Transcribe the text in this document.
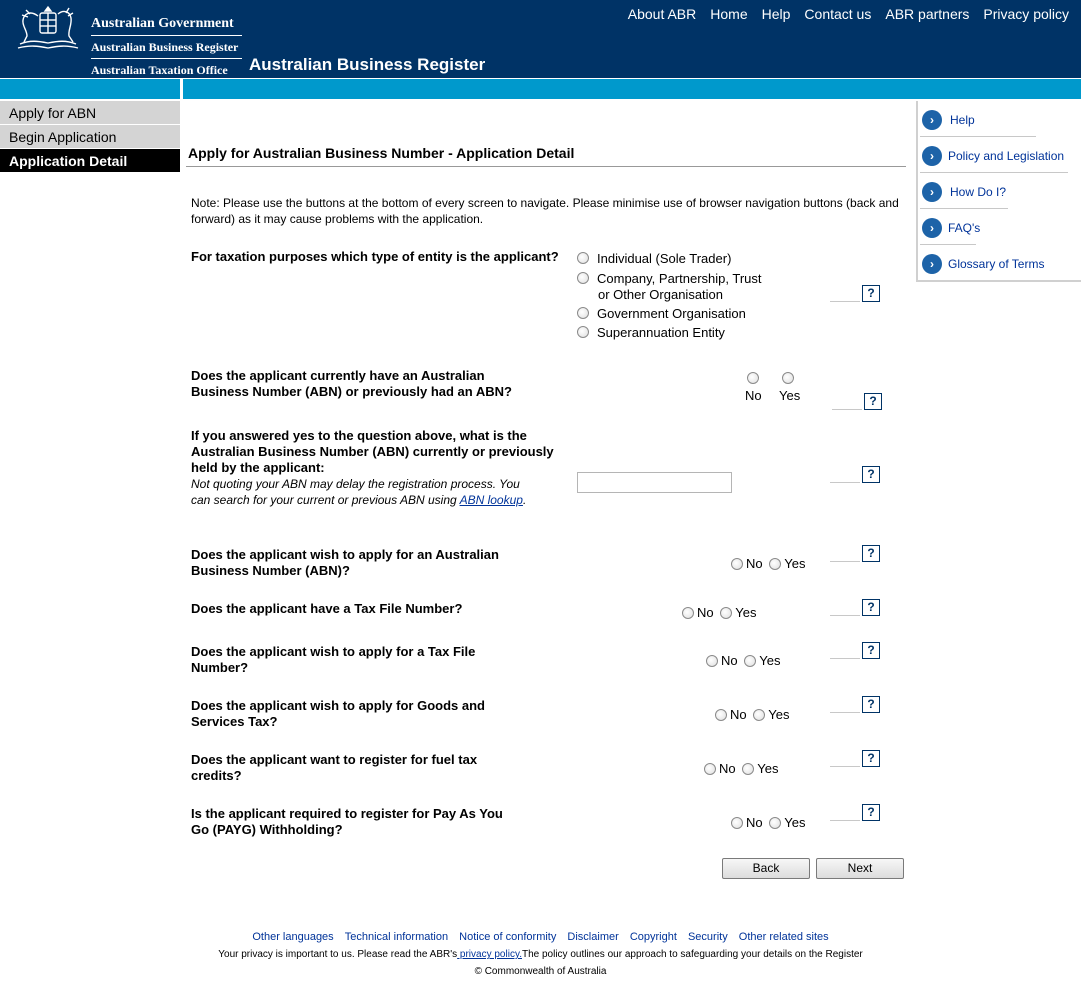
Australian Government
Australian Business Register
Australian Taxation Office Australian Business Register
About ABR Home Help Contact us ABR partners Privacy policy
Apply for ABN
Begin Application
Application Detail
›	Help
›	Policy and Legislation
›	How Do I?
›	FAQ's
›	Glossary of Terms
Apply for Australian Business Number - Application Detail
Note: Please use the buttons at the bottom of every screen to navigate. Please minimise use of browser navigation buttons (back and forward) as it may cause problems with the application.
For taxation purposes which type of entity is the applicant?	Individual (Sole Trader)
Company, Partnership, Trust
or Other Organisation
Government Organisation
Superannuation Entity
?
Does the applicant currently have an Australian
Business Number (ABN) or previously had an ABN?	No Yes	?
If you answered yes to the question above, what is the
Australian Business Number (ABN) currently or previously
held by the applicant:
Not quoting your ABN may delay the registration process. You
can search for your current or previous ABN using ABN lookup.
?
Does the applicant wish to apply for an Australian
Business Number (ABN)?	No Yes
?
Does the applicant have a Tax File Number?	No Yes	?
Does the applicant wish to apply for a Tax File
Number?	No Yes
?
Does the applicant wish to apply for Goods and
Services Tax?	No Yes
?
Does the applicant want to register for fuel tax
credits?	No Yes
?
Is the applicant required to register for Pay As You
Go (PAYG) Withholding?	No Yes
?
Back	Next
Other languages Technical information Notice of conformity Disclaimer Copyright Security Other related sites
Your privacy is important to us. Please read the ABR's privacy policy.The policy outlines our approach to safeguarding your details on the Register
© Commonwealth of Australia
